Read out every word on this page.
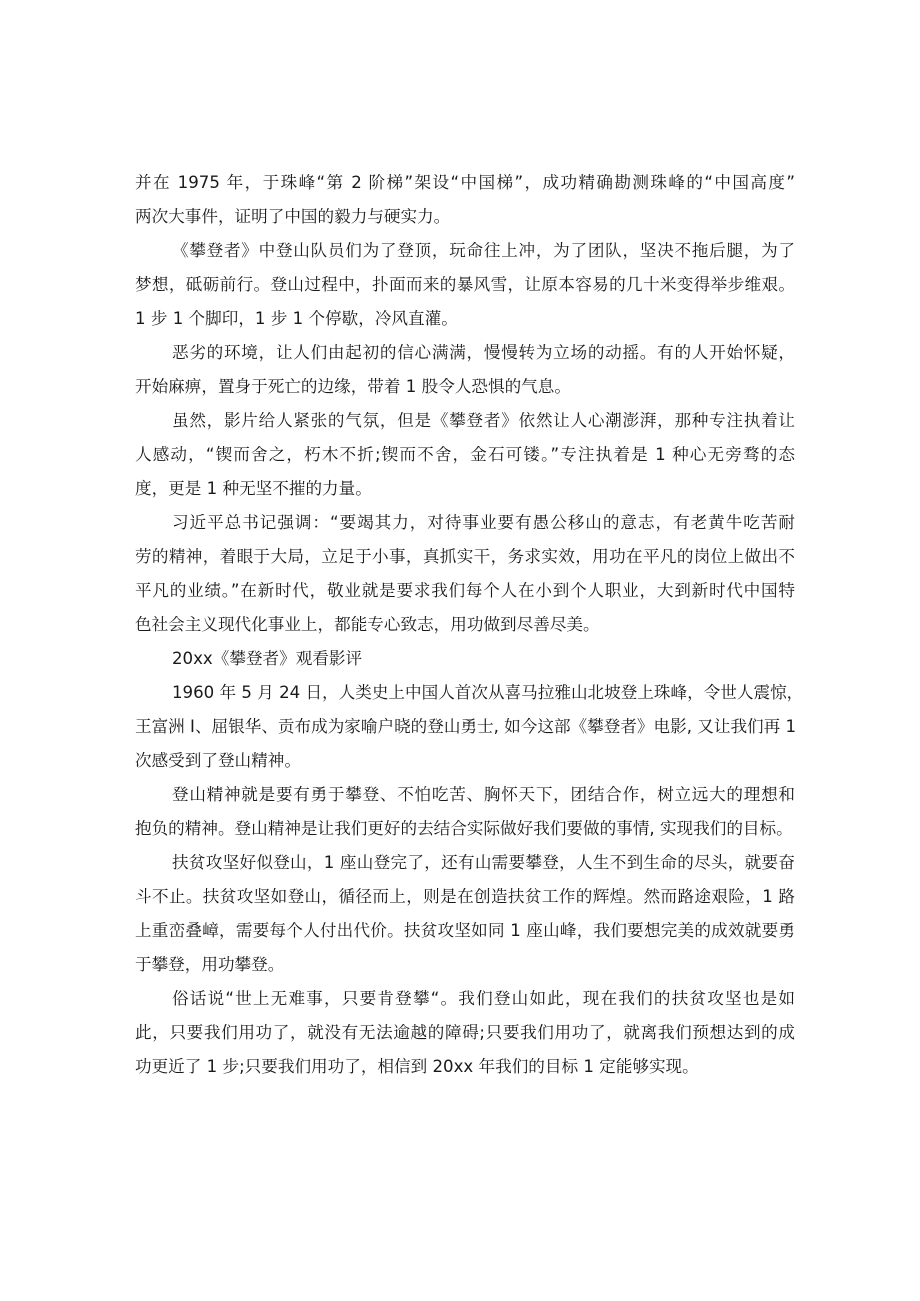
并在 1975 年，于珠峰“第 2 阶梯”架设“中国梯”，成功精确勘测珠峰的“中国高度”
两次大事件，证明了中国的毅力与硬实力。
《攀登者》中登山队员们为了登顶，玩命往上冲，为了团队，坚决不拖后腿，为了
梦想，砥砺前行。登山过程中，扑面而来的暴风雪，让原本容易的几十米变得举步维艰。
1 步 1 个脚印，1 步 1 个停歇，冷风直灌。
恶劣的环境，让人们由起初的信心满满，慢慢转为立场的动摇。有的人开始怀疑，
开始麻痹，置身于死亡的边缘，带着 1 股令人恐惧的气息。
虽然，影片给人紧张的气氛，但是《攀登者》依然让人心潮澎湃，那种专注执着让
人感动，“锲而舍之，朽木不折;锲而不舍，金石可镂。”专注执着是 1 种心无旁骛的态
度，更是 1 种无坚不摧的力量。
习近平总书记强调：“要竭其力，对待事业要有愚公移山的意志，有老黄牛吃苦耐
劳的精神，着眼于大局，立足于小事，真抓实干，务求实效，用功在平凡的岗位上做出不
平凡的业绩。”在新时代，敬业就是要求我们每个人在小到个人职业，大到新时代中国特
色社会主义现代化事业上，都能专心致志，用功做到尽善尽美。
20xx《攀登者》观看影评
1960 年 5 月 24 日，人类史上中国人首次从喜马拉雅山北坡登上珠峰，令世人震惊，
王富洲 I、屈银华、贡布成为家喻户晓的登山勇士, 如今这部《攀登者》电影, 又让我们再 1
次感受到了登山精神。
登山精神就是要有勇于攀登、不怕吃苦、胸怀天下，团结合作，树立远大的理想和
抱负的精神。登山精神是让我们更好的去结合实际做好我们要做的事情, 实现我们的目标。
扶贫攻坚好似登山，1 座山登完了，还有山需要攀登，人生不到生命的尽头，就要奋
斗不止。扶贫攻坚如登山，循径而上，则是在创造扶贫工作的辉煌。然而路途艰险，1 路
上重峦叠嶂，需要每个人付出代价。扶贫攻坚如同 1 座山峰，我们要想完美的成效就要勇
于攀登，用功攀登。
俗话说“世上无难事，只要肯登攀“。我们登山如此，现在我们的扶贫攻坚也是如
此，只要我们用功了，就没有无法逾越的障碍;只要我们用功了，就离我们预想达到的成
功更近了 1 步;只要我们用功了，相信到 20xx 年我们的目标 1 定能够实现。
